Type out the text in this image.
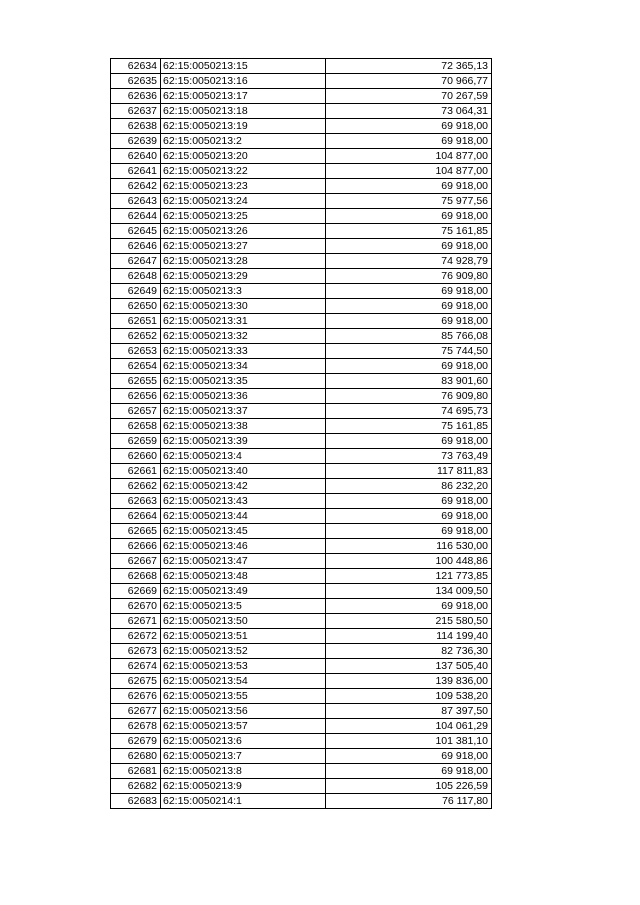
62634	62:15:0050213:15	72 365,13
62635	62:15:0050213:16	70 966,77
62636	62:15:0050213:17	70 267,59
62637	62:15:0050213:18	73 064,31
62638	62:15:0050213:19	69 918,00
62639	62:15:0050213:2	69 918,00
62640	62:15:0050213:20	104 877,00
62641	62:15:0050213:22	104 877,00
62642	62:15:0050213:23	69 918,00
62643	62:15:0050213:24	75 977,56
62644	62:15:0050213:25	69 918,00
62645	62:15:0050213:26	75 161,85
62646	62:15:0050213:27	69 918,00
62647	62:15:0050213:28	74 928,79
62648	62:15:0050213:29	76 909,80
62649	62:15:0050213:3	69 918,00
62650	62:15:0050213:30	69 918,00
62651	62:15:0050213:31	69 918,00
62652	62:15:0050213:32	85 766,08
62653	62:15:0050213:33	75 744,50
62654	62:15:0050213:34	69 918,00
62655	62:15:0050213:35	83 901,60
62656	62:15:0050213:36	76 909,80
62657	62:15:0050213:37	74 695,73
62658	62:15:0050213:38	75 161,85
62659	62:15:0050213:39	69 918,00
62660	62:15:0050213:4	73 763,49
62661	62:15:0050213:40	117 811,83
62662	62:15:0050213:42	86 232,20
62663	62:15:0050213:43	69 918,00
62664	62:15:0050213:44	69 918,00
62665	62:15:0050213:45	69 918,00
62666	62:15:0050213:46	116 530,00
62667	62:15:0050213:47	100 448,86
62668	62:15:0050213:48	121 773,85
62669	62:15:0050213:49	134 009,50
62670	62:15:0050213:5	69 918,00
62671	62:15:0050213:50	215 580,50
62672	62:15:0050213:51	114 199,40
62673	62:15:0050213:52	82 736,30
62674	62:15:0050213:53	137 505,40
62675	62:15:0050213:54	139 836,00
62676	62:15:0050213:55	109 538,20
62677	62:15:0050213:56	87 397,50
62678	62:15:0050213:57	104 061,29
62679	62:15:0050213:6	101 381,10
62680	62:15:0050213:7	69 918,00
62681	62:15:0050213:8	69 918,00
62682	62:15:0050213:9	105 226,59
62683	62:15:0050214:1	76 117,80
